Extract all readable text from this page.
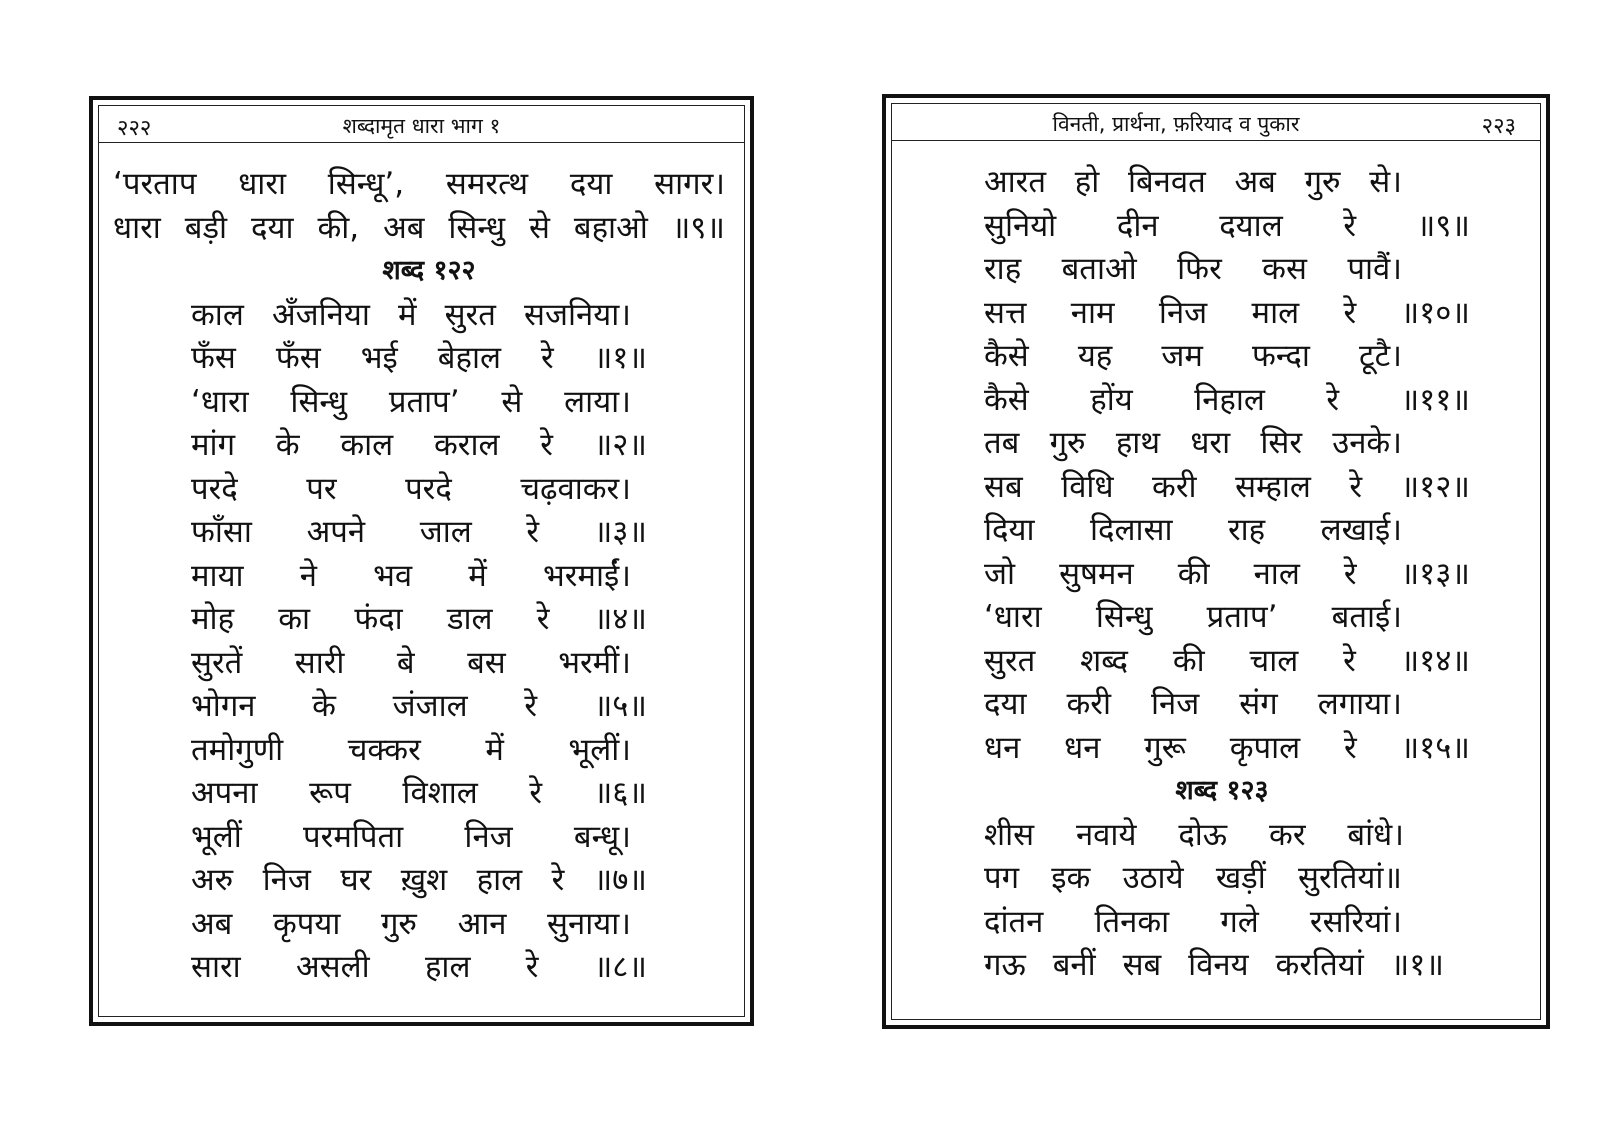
२२२	शब्दामृत धारा भाग १
‘परताप धारा सिन्धू’, समरत्थ दया सागर।
धारा बड़ी दया की, अब सिन्धु से बहाओ ॥९॥
शब्द १२२
काल अँजनिया में सुरत सजनिया।
फँस फँस भई बेहाल रे ॥१॥
‘धारा सिन्धु प्रताप’ से लाया।
मांग के काल कराल रे ॥२॥
परदे पर परदे चढ़वाकर।
फाँसा अपने जाल रे ॥३॥
माया ने भव में भरमाईं।
मोह का फंदा डाल रे ॥४॥
सुरतें सारी बे बस भरमीं।
भोगन के जंजाल रे ॥५॥
तमोगुणी चक्कर में भूलीं।
अपना रूप विशाल रे ॥६॥
भूलीं परमपिता निज बन्धू।
अरु निज घर ख़ुश हाल रे ॥७॥
अब कृपया गुरु आन सुनाया।
सारा असली हाल रे ॥८॥
विनती, प्रार्थना, फ़रियाद व पुकार	२२३
आरत हो बिनवत अब गुरु से।
सुनियो दीन दयाल रे ॥९॥
राह बताओ फिर कस पावैं।
सत्त नाम निज माल रे ॥१०॥
कैसे यह जम फन्दा टूटै।
कैसे होंय निहाल रे ॥११॥
तब गुरु हाथ धरा सिर उनके।
सब विधि करी सम्हाल रे ॥१२॥
दिया दिलासा राह लखाई।
जो सुषमन की नाल रे ॥१३॥
‘धारा सिन्धु प्रताप’ बताई।
सुरत शब्द की चाल रे ॥१४॥
दया करी निज संग लगाया।
धन धन गुरू कृपाल रे ॥१५॥
शब्द १२३
शीस नवाये दोऊ कर बांधे।
पग इक उठाये खड़ीं सुरतियां॥
दांतन तिनका गले रसरियां।
गऊ बनीं सब विनय करतियां ॥१॥
